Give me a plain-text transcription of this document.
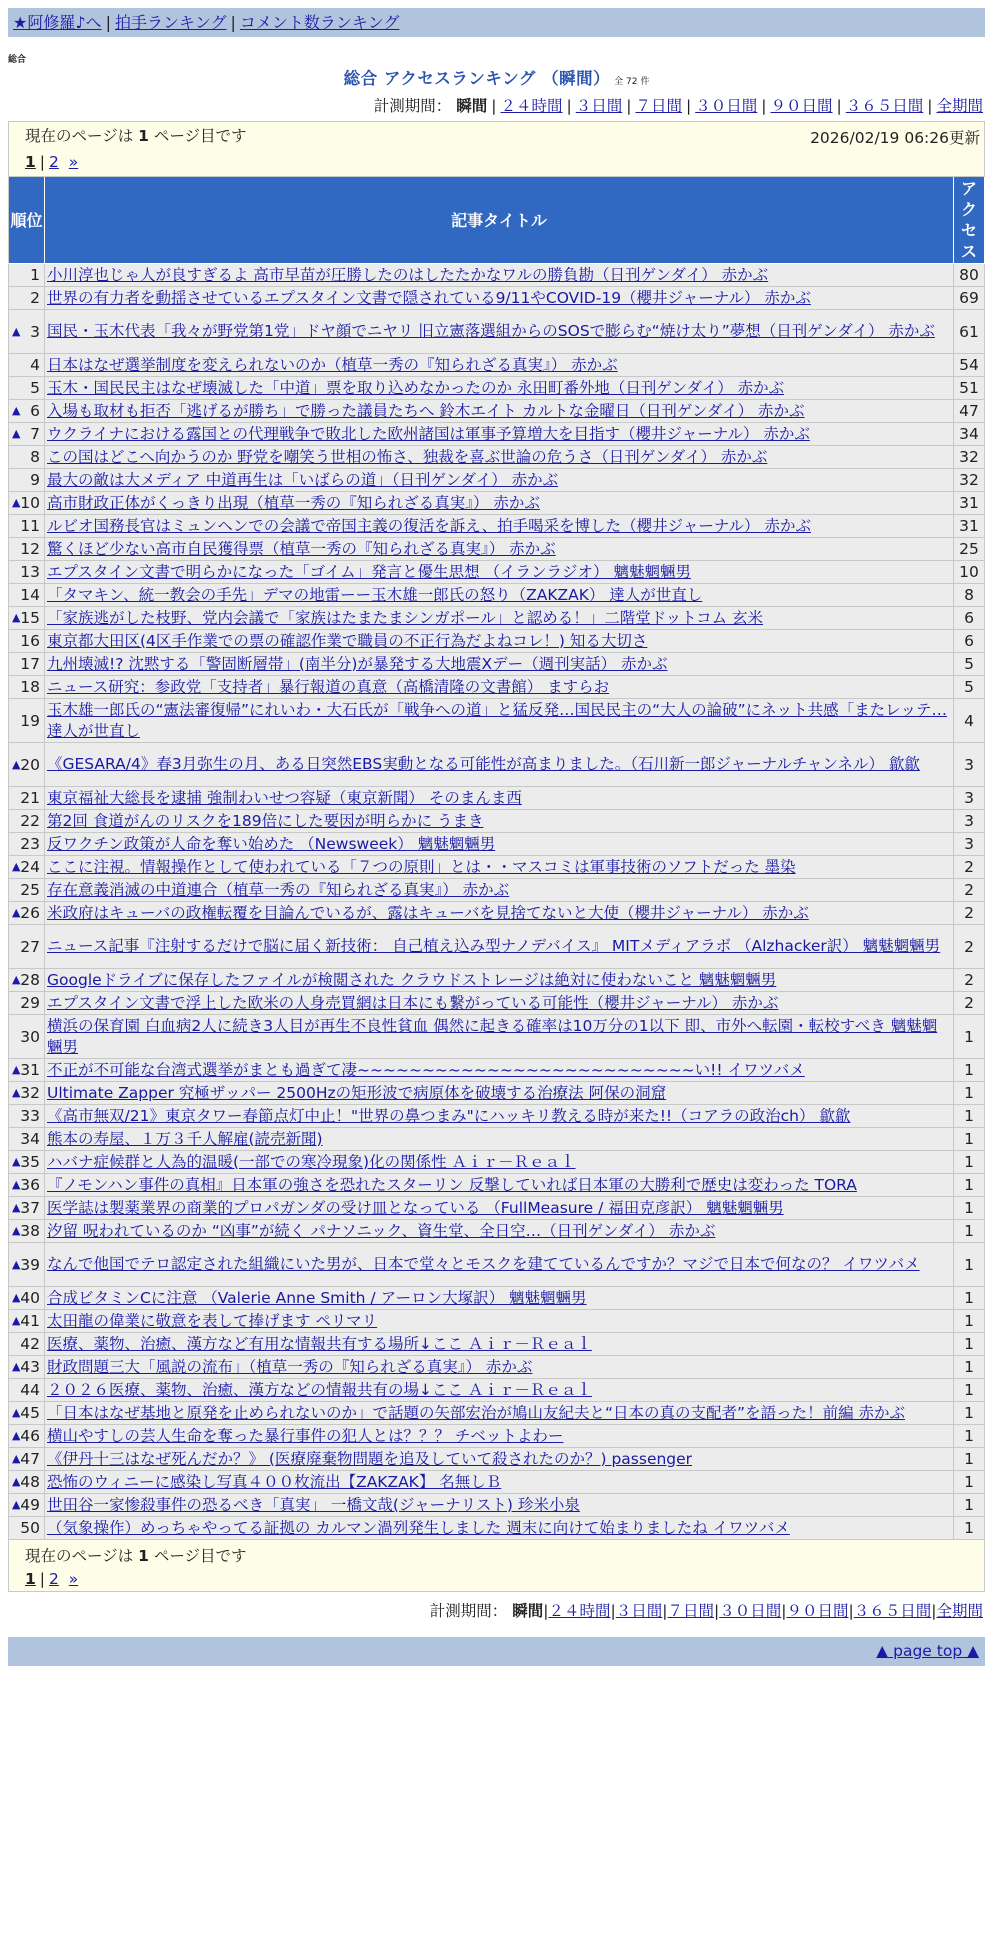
★阿修羅♪へ | 拍手ランキング | コメント数ランキング
総合
総合 アクセスランキング （瞬間） 全 72 件
計測期間： 瞬間 | ２４時間 | ３日間 | ７日間 | ３０日間 | ９０日間 | ３６５日間 | 全期間
現在のページは 1 ページ目です	2026/02/19 06:26更新
1 | 2 »
順位	記事タイトル	アクセス
1	小川淳也じゃ人が良すぎるよ 高市早苗が圧勝したのはしたたかなワルの勝負勘（日刊ゲンダイ） 赤かぶ	80
2	世界の有力者を動揺させているエプスタイン文書で隠されている9/11やCOVID-19（櫻井ジャーナル） 赤かぶ	69

▲ 3	国民・玉木代表「我々が野党第1党」ドヤ顔でニヤリ 旧立憲落選組からのSOSで膨らむ“焼け太り”夢想（日刊ゲンダイ） 赤かぶ	61
4	日本はなぜ選挙制度を変えられないのか（植草一秀の『知られざる真実』） 赤かぶ	54
5	玉木・国民民主はなぜ壊滅した「中道」票を取り込めなかったのか 永田町番外地（日刊ゲンダイ） 赤かぶ	51

▲ 6	入場も取材も拒否「逃げるが勝ち」で勝った議員たちへ 鈴木エイト カルトな金曜日（日刊ゲンダイ） 赤かぶ	47

▲ 7	ウクライナにおける露国との代理戦争で敗北した欧州諸国は軍事予算増大を目指す（櫻井ジャーナル） 赤かぶ	34
8	この国はどこへ向かうのか 野党を嘲笑う世相の怖さ、独裁を喜ぶ世論の危うさ（日刊ゲンダイ） 赤かぶ	32
9	最大の敵は大メディア 中道再生は「いばらの道」（日刊ゲンダイ） 赤かぶ	32

▲ 10	高市財政正体がくっきり出現（植草一秀の『知られざる真実』） 赤かぶ	31
11	ルビオ国務長官はミュンヘンでの会議で帝国主義の復活を訴え、拍手喝采を博した（櫻井ジャーナル） 赤かぶ	31
12	驚くほど少ない高市自民獲得票（植草一秀の『知られざる真実』） 赤かぶ	25
13	エプスタイン文書で明らかになった「ゴイム」発言と優生思想 （イランラジオ） 魑魅魍魎男	10
14	「タマキン、統一教会の手先」デマの地雷ーー玉木雄一郎氏の怒り（ZAKZAK） 達人が世直し	8

▲ 15	「家族逃がした枝野、党内会議で「家族はたまたまシンガポール」と認める！」二階堂ドットコム 玄米	6
16	東京都大田区(4区手作業での票の確認作業で職員の不正行為だよねコレ！) 知る大切さ	6
17	九州壊滅!? 沈黙する「警固断層帯」(南半分)が暴発する大地震Xデー（週刊実話） 赤かぶ	5
18	ニュース研究：参政党「支持者」暴行報道の真意（高橋清隆の文書館） ますらお	5
19	玉木雄一郎氏の“憲法審復帰”にれいわ・大石氏が「戦争への道」と猛反発…国民民主の“大人の論破”にネット共感「またレッテ… 達人が世直し	4

▲ 20	《GESARA/4》春3月弥生の月、ある日突然EBS実動となる可能性が高まりました。（石川新一郎ジャーナルチャンネル） 歙歙	3
21	東京福祉大総長を逮捕 強制わいせつ容疑（東京新聞） そのまんま西	3
22	第2回 食道がんのリスクを189倍にした要因が明らかに うまき	3
23	反ワクチン政策が人命を奪い始めた （Newsweek） 魑魅魍魎男	3

▲ 24	ここに注視。情報操作として使われている「７つの原則」とは・・マスコミは軍事技術のソフトだった 墨染	2
25	存在意義消滅の中道連合（植草一秀の『知られざる真実』） 赤かぶ	2

▲ 26	米政府はキューバの政権転覆を目論んでいるが、露はキューバを見捨てないと大使（櫻井ジャーナル） 赤かぶ	2
27	ニュース記事『注射するだけで脳に届く新技術： 自己植え込み型ナノデバイス』 MITメディアラボ （Alzhacker訳） 魑魅魍魎男	2

▲ 28	Googleドライブに保存したファイルが検閲された クラウドストレージは絶対に使わないこと 魑魅魍魎男	2
29	エプスタイン文書で浮上した欧米の人身売買網は日本にも繋がっている可能性（櫻井ジャーナル） 赤かぶ	2
30	横浜の保育園 白血病2人に続き3人目が再生不良性貧血 偶然に起きる確率は10万分の1以下 即、市外へ転園・転校すべき 魑魅魍魎男	1

▲ 31	不正が不可能な台湾式選挙がまとも過ぎて凄~~~~~~~~~~~~~~~~~~~~~~~~~~い!! イワツバメ	1

▲ 32	Ultimate Zapper 究極ザッパー 2500Hzの矩形波で病原体を破壊する治療法 阿保の洞窟	1
33	《高市無双/21》東京タワー春節点灯中止！"世界の鼻つまみ"にハッキリ教える時が来た!!（コアラの政治ch） 歙歙	1
34	熊本の寿屋、１万３千人解雇(読売新聞)	1

▲ 35	ハバナ症候群と人為的温暖(一部での寒冷現象)化の関係性 Ａｉｒ－Ｒｅａｌ	1

▲ 36	『ノモンハン事件の真相』日本軍の強さを恐れたスターリン 反撃していれば日本軍の大勝利で歴史は変わった TORA	1

▲ 37	医学誌は製薬業界の商業的プロパガンダの受け皿となっている （FullMeasure / 福田克彦訳） 魑魅魍魎男	1

▲ 38	汐留 呪われているのか “凶事”が続く パナソニック、資生堂、全日空…（日刊ゲンダイ） 赤かぶ	1

▲ 39	なんで他国でテロ認定された組織にいた男が、日本で堂々とモスクを建てているんですか？マジで日本で何なの？ イワツバメ	1

▲ 40	合成ビタミンCに注意 （Valerie Anne Smith / アーロン大塚訳） 魑魅魍魎男	1

▲ 41	太田龍の偉業に敬意を表して捧げます ペリマリ	1
42	医療、薬物、治癒、漢方など有用な情報共有する場所↓ここ Ａｉｒ－Ｒｅａｌ	1

▲ 43	財政問題三大「風説の流布」（植草一秀の『知られざる真実』） 赤かぶ	1
44	２０２６医療、薬物、治癒、漢方などの情報共有の場↓ここ Ａｉｒ－Ｒｅａｌ	1

▲ 45	「日本はなぜ基地と原発を止められないのか」で話題の矢部宏治が鳩山友紀夫と“日本の真の支配者”を語った！前編 赤かぶ	1

▲ 46	横山やすしの芸人生命を奪った暴行事件の犯人とは？？？ チベットよわー	1

▲ 47	《伊丹十三はなぜ死んだか？》 (医療廃棄物問題を追及していて殺されたのか？) passenger	1

▲ 48	恐怖のウィニーに感染し写真４００枚流出【ZAKZAK】 名無しＢ	1

▲ 49	世田谷一家惨殺事件の恐るべき「真実」 一橋文哉(ジャーナリスト) 珍米小泉	1
50	（気象操作）めっちゃやってる証拠の カルマン渦列発生しました 週末に向けて始まりましたね イワツバメ	1
現在のページは 1 ページ目です
1 | 2 »
計測期間： 瞬間|２４時間|３日間|７日間|３０日間|９０日間|３６５日間|全期間
▲ page top ▲
